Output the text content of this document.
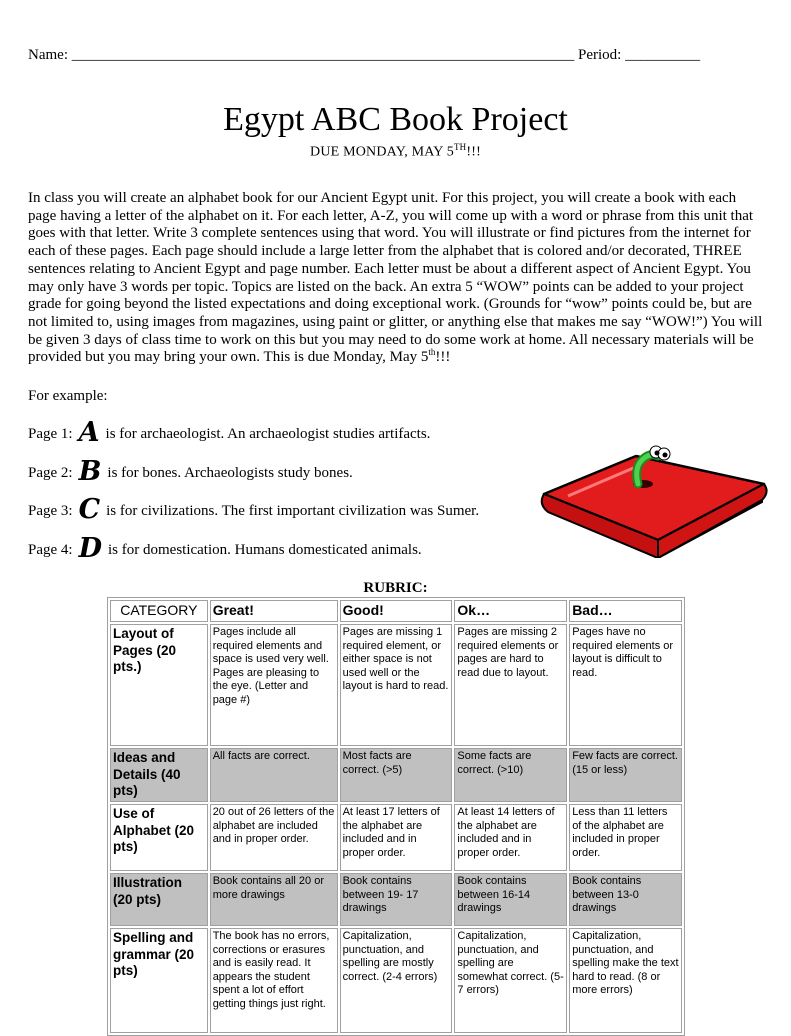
Name: ___________________________________________________________________ Period: __________
Egypt ABC Book Project
DUE MONDAY, MAY 5TH!!!

In class you will create an alphabet book for our Ancient Egypt unit. For this project, you will create a book with each page having a letter of the alphabet on it. For each letter, A-Z, you will come up with a word or phrase from this unit that goes with that letter. Write 3 complete sentences using that word. You will illustrate or find pictures from the internet for each of these pages. Each page should include a large letter from the alphabet that is colored and/or decorated, THREE sentences relating to Ancient Egypt and page number. Each letter must be about a different aspect of Ancient Egypt. You may only have 3 words per topic. Topics are listed on the back. An extra 5 “WOW” points can be added to your project grade for going beyond the listed expectations and doing exceptional work. (Grounds for “wow” points could be, but are not limited to, using images from magazines, using paint or glitter, or anything else that makes me say “WOW!”) You will be given 3 days of class time to work on this but you may need to do some work at home. All necessary materials will be provided but you may bring your own. This is due Monday, May 5th!!!

For example:
Page 1: A is for archaeologist. An archaeologist studies artifacts.
Page 2: B is for bones. Archaeologists study bones.
Page 3: C is for civilizations. The first important civilization was Sumer.
Page 4: D is for domestication. Humans domesticated animals.
RUBRIC:
CATEGORY	Great!	Good!	Ok…	Bad…
Layout of Pages (20 pts.)	Pages include all required elements and space is used very well. Pages are pleasing to the eye. (Letter and page #)	Pages are missing 1 required element, or either space is not used well or the layout is hard to read.	Pages are missing 2 required elements or pages are hard to read due to layout.	Pages have no required elements or layout is difficult to read.
Ideas and Details (40 pts)	All facts are correct.	Most facts are correct. (>5)	Some facts are correct. (>10)	Few facts are correct. (15 or less)
Use of Alphabet (20 pts)	20 out of 26 letters of the alphabet are included and in proper order.	At least 17 letters of the alphabet are included and in proper order.	At least 14 letters of the alphabet are included and in proper order.	Less than 11 letters of the alphabet are included in proper order.
Illustration (20 pts)	Book contains all 20 or more drawings	Book contains between 19- 17 drawings	Book contains between 16-14 drawings	Book contains between 13-0 drawings
Spelling and grammar (20 pts)	The book has no errors, corrections or erasures and is easily read. It appears the student spent a lot of effort getting things just right.	Capitalization, punctuation, and spelling are mostly correct. (2-4 errors)	Capitalization, punctuation, and spelling are somewhat correct. (5-7 errors)	Capitalization, punctuation, and spelling make the text hard to read. (8 or more errors)
